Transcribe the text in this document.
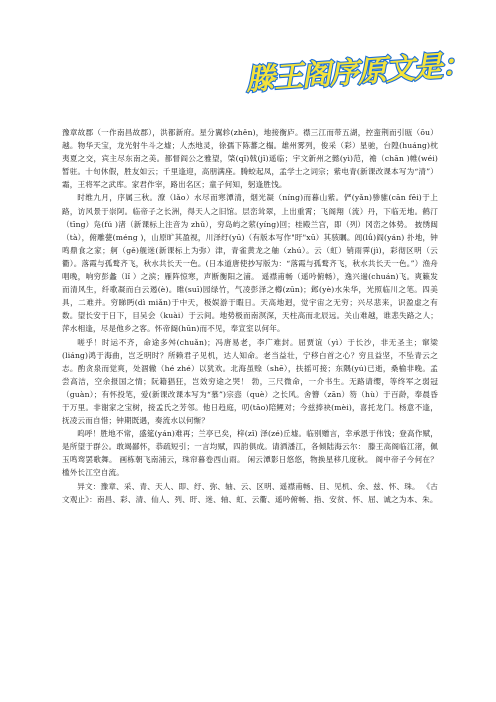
滕王阁序原文是：

豫章故郡（一作南昌故郡），洪都新府。星分翼轸(zhěn)，地接衡庐。襟三江而带五湖，控蛮荆而引瓯（ōu）越。物华天宝，龙光射牛斗之墟；人杰地灵，徐孺下陈蕃之榻。雄州雾列，俊采（彩）星驰，台隍(huáng)枕夷夏之交，宾主尽东南之美。都督阎公之雅望，棨(qǐ)戟(jǐ)遥临；宇文新州之懿(yì)范，襜（chān )帷(wéi)暂驻。十旬休假，胜友如云；千里逢迎，高朋满座。腾蛟起凤，孟学士之词宗；紫电青(新课改课本写为“清”）霜，王将军之武库。家君作宰，路出名区；童子何知，躬逢胜饯。

时维九月，序属三秋。潦（lǎo）水尽而寒潭清，烟光凝（níng)而暮山紫。俨(yǎn)骖骓(cān fēi)于上路，访风景于崇阿。临帝子之长洲，得天人之旧馆。层峦耸翠，上出重霄；飞阁翔（流）丹，下临无地。鹤汀（tīng）凫(fú )渚（新课标上注音为 zhǔ），穷岛屿之萦(yíng)回；桂殿兰宫，即（列）冈峦之体势。 披绣闼（tà），俯雕甍(méng )，山原旷其盈视，川泽纡(yū)（有版本写作"盱"xū）其骇瞩。闾(lǘ)阎(yán) 扑地，钟鸣鼎食之家；舸（gě)舰迷(新课标上为弥）津，青雀黄龙之舳（zhú）。云（虹）销雨霁(jì)，彩彻区明（云衢）。落霞与孤鹜齐飞，秋水共长天一色。(日本道唐使抄写版为：“落霞与孤鹜齐飞，秋水共长天一色。”）渔舟唱晚，响穷彭蠡（lǐ ）之滨；雁阵惊寒，声断衡阳之浦。 遥襟甫畅（遥吟俯畅），逸兴遄(chuán)飞。爽籁发而清风生，纤歌凝而白云遏(è)。睢(suī)园绿竹，气凌彭泽之樽(zūn)；邺(yè)水朱华，光照临川之笔。四美具，二难并。穷睇眄(dì miǎn)于中天，极娱游于暇日。天高地迥，觉宇宙之无穷；兴尽悲来，识盈虚之有数。望长安于日下，目吴会（kuài）于云间。地势极而南溟深，天柱高而北辰远。关山难越，谁悲失路之人；萍水相逢，尽是他乡之客。怀帝阍(hūn)而不见，奉宣室以何年。

嗟乎！时运不齐，命途多舛(chuǎn)；冯唐易老，李广难封。屈贾谊（yì）于长沙，非无圣主；窜梁(liáng)鸿于海曲，岂乏明时？所赖君子见机，达人知命。老当益壮，宁移白首之心？穷且益坚，不坠青云之志。酌贪泉而觉爽，处涸辙（hé zhé）以犹欢。北海虽赊（shē），扶摇可接；东隅(yú)已逝，桑榆非晚。孟尝高洁，空余报国之情；阮籍猖狂，岂效穷途之哭！ 勃，三尺微命，一介书生。无路请缨，等终军之弱冠（guàn）；有怀投笔，爱(新课改课本写为“慕”)宗悫（què）之长风。舍簪（zān）笏（hù）于百龄，奉晨昏于万里。非谢家之宝树，接孟氏之芳邻。他日趋庭，叨(tāo)陪鲤对；今兹捧袂(mèi)，喜托龙门。杨意不逢，抚凌云而自惜；钟期既遇，奏流水以何惭？

呜呼！胜地不常，盛筵(yán)难再；兰亭已矣，梓(zǐ) 泽(zé)丘墟。临别赠言，幸承恩于伟饯；登高作赋，是所望于群公。敢竭鄙怀，恭疏短引；一言均赋，四韵俱成。请洒潘江，各倾陆海云尔： 滕王高阁临江渚，佩玉鸣鸾罢歌舞。 画栋朝飞南浦云，珠帘暮卷西山雨。 闲云潭影日悠悠，物换星移几度秋。 阁中帝子今何在？槛外长江空自流。

异文：豫章、采、青、天人、即、纡、弥、轴、云、区明、遥襟甫畅、目、见机、余、兹、怀、珠。 《古文观止》：南昌、彩、清、仙人、列、盱、迷、轴、虹、云衢、遥吟俯畅、指、安贫、怀、屈、诚之为本、朱。
